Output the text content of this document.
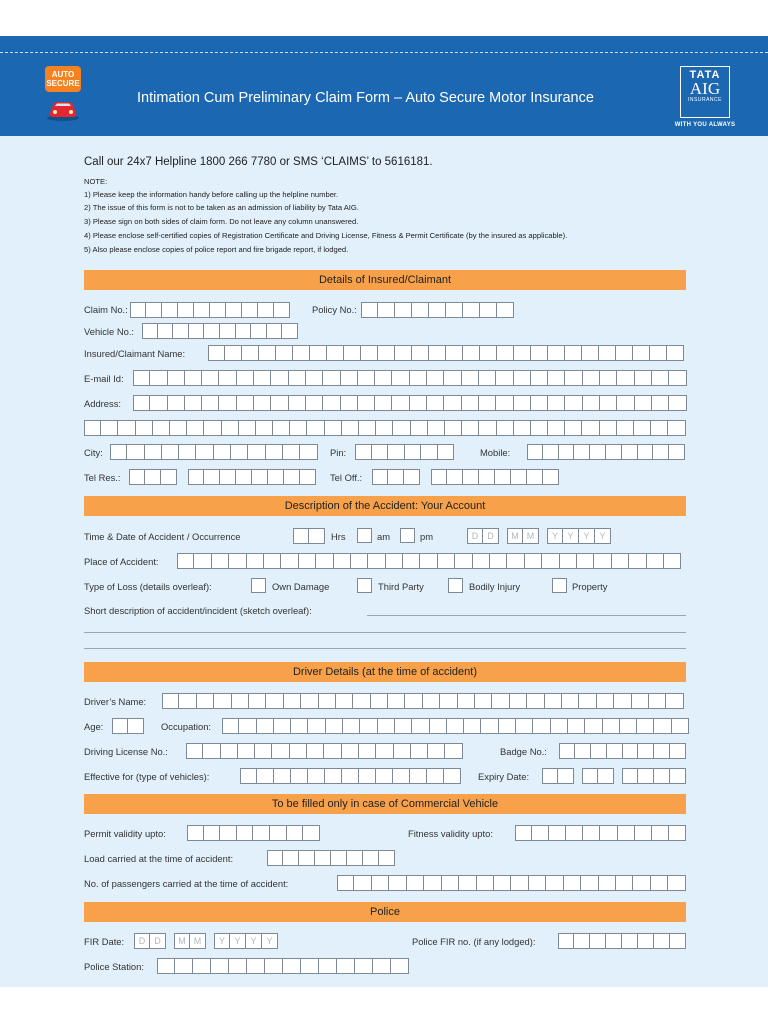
AUTO SECURE
Intimation Cum Preliminary Claim Form – Auto Secure Motor Insurance
TATA
AIG
INSURANCE
WITH YOU ALWAYS
Call our 24x7 Helpline 1800 266 7780 or SMS ‘CLAIMS’ to 5616181.
NOTE:
1) Please keep the information handy before calling up the helpline number.
2) The issue of this form is not to be taken as an admission of liability by Tata AIG.
3) Please sign on both sides of claim form. Do not leave any column unanswered.
4) Please enclose self-certified copies of Registration Certificate and Driving License, Fitness & Permit Certificate (by the insured as applicable).
5) Also please enclose copies of police report and fire brigade report, if lodged.
Details of Insured/Claimant
Claim No.:	Policy No.:
Vehicle No.:
Insured/Claimant Name:
E-mail Id:
Address:
City:	Pin:	Mobile:
Tel Res.:	Tel Off.:
Description of the Accident: Your Account
Time & Date of Accident / Occurrence	Hrs	am	pm	D	D	M M	Y	Y	Y	Y
Place of Accident:
Type of Loss (details overleaf):	Own Damage	Third Party	Bodily Injury	Property
Short description of accident/incident (sketch overleaf):
Driver Details (at the time of accident)
Driver’s Name:
Age:	Occupation:
Driving License No.:	Badge No.:
Effective for (type of vehicles):	Expiry Date:
To be filled only in case of Commercial Vehicle
Permit validity upto:	Fitness validity upto:
Load carried at the time of accident:
No. of passengers carried at the time of accident:
Police
FIR Date:	D	D	M M	Y	Y	Y	Y	Police FIR no. (if any lodged):
Police Station:
